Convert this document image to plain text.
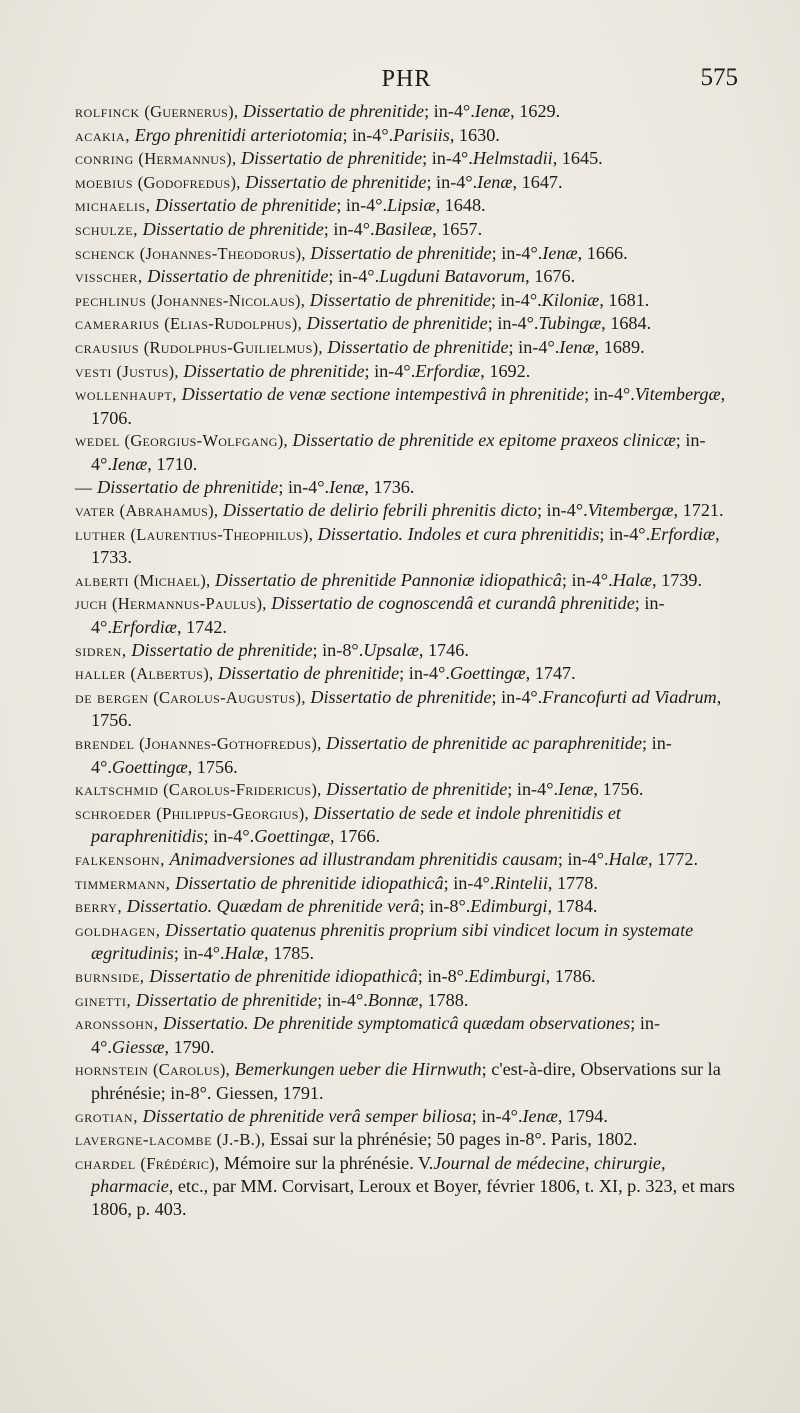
PHR	575
rolfinck (Guernerus), Dissertatio de phrenitide; in-4°.Ienæ, 1629.
acakia, Ergo phrenitidi arteriotomia; in-4°.Parisiis, 1630.
conring (Hermannus), Dissertatio de phrenitide; in-4°.Helmstadii, 1645.
moebius (Godofredus), Dissertatio de phrenitide; in-4°.Ienæ, 1647.
michaelis, Dissertatio de phrenitide; in-4°.Lipsiæ, 1648.
schulze, Dissertatio de phrenitide; in-4°.Basileæ, 1657.
schenck (Johannes-Theodorus), Dissertatio de phrenitide; in-4°.Ienæ, 1666.
visscher, Dissertatio de phrenitide; in-4°.Lugduni Batavorum, 1676.
pechlinus (Johannes-Nicolaus), Dissertatio de phrenitide; in-4°.Kiloniæ, 1681.
camerarius (Elias-Rudolphus), Dissertatio de phrenitide; in-4°.Tubingæ, 1684.
crausius (Rudolphus-Guilielmus), Dissertatio de phrenitide; in-4°.Ienæ, 1689.
vesti (Justus), Dissertatio de phrenitide; in-4°.Erfordiæ, 1692.
wollenhaupt, Dissertatio de venæ sectione intempestivâ in phrenitide; in-4°.Vitembergæ, 1706.
wedel (Georgius-Wolfgang), Dissertatio de phrenitide ex epitome praxeos clinicæ; in-4°.Ienæ, 1710.
— Dissertatio de phrenitide; in-4°.Ienæ, 1736.
vater (Abrahamus), Dissertatio de delirio febrili phrenitis dicto; in-4°.Vitembergæ, 1721.
luther (Laurentius-Theophilus), Dissertatio. Indoles et cura phrenitidis; in-4°.Erfordiæ, 1733.
alberti (Michael), Dissertatio de phrenitide Pannoniæ idiopathicâ; in-4°.Halæ, 1739.
juch (Hermannus-Paulus), Dissertatio de cognoscendâ et curandâ phrenitide; in-4°.Erfordiæ, 1742.
sidren, Dissertatio de phrenitide; in-8°.Upsalæ, 1746.
haller (Albertus), Dissertatio de phrenitide; in-4°.Goettingæ, 1747.
de bergen (Carolus-Augustus), Dissertatio de phrenitide; in-4°.Francofurti ad Viadrum, 1756.
brendel (Johannes-Gothofredus), Dissertatio de phrenitide ac paraphrenitide; in-4°.Goettingæ, 1756.
kaltschmid (Carolus-Fridericus), Dissertatio de phrenitide; in-4°.Ienæ, 1756.
schroeder (Philippus-Georgius), Dissertatio de sede et indole phrenitidis et paraphrenitidis; in-4°.Goettingæ, 1766.
falkensohn, Animadversiones ad illustrandam phrenitidis causam; in-4°.Halæ, 1772.
timmermann, Dissertatio de phrenitide idiopathicâ; in-4°.Rintelii, 1778.
berry, Dissertatio. Quædam de phrenitide verâ; in-8°.Edimburgi, 1784.
goldhagen, Dissertatio quatenus phrenitis proprium sibi vindicet locum in systemate ægritudinis; in-4°.Halæ, 1785.
burnside, Dissertatio de phrenitide idiopathicâ; in-8°.Edimburgi, 1786.
ginetti, Dissertatio de phrenitide; in-4°.Bonnæ, 1788.
aronssohn, Dissertatio. De phrenitide symptomaticâ quædam observationes; in-4°.Giessæ, 1790.
hornstein (Carolus), Bemerkungen ueber die Hirnwuth; c'est-à-dire, Observations sur la phrénésie; in-8°. Giessen, 1791.
grotian, Dissertatio de phrenitide verâ semper biliosa; in-4°.Ienæ, 1794.
lavergne-lacombe (J.-B.), Essai sur la phrénésie; 50 pages in-8°. Paris, 1802.
chardel (Frédéric), Mémoire sur la phrénésie. V.Journal de médecine, chirurgie, pharmacie, etc., par MM. Corvisart, Leroux et Boyer, février 1806, t. XI, p. 323, et mars 1806, p. 403.
